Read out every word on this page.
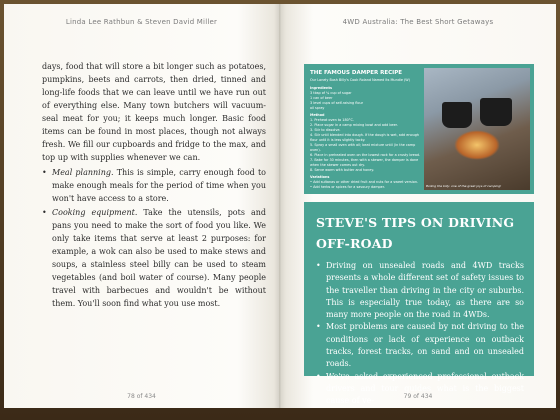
Linda Lee Rathbun & Steven David Miller

days, food that will store a bit longer such as potatoes, pumpkins, beets and carrots, then dried, tinned and long-life foods that we can leave until we have run out of everything else. Many town butchers will vacuum-seal meat for you; it keeps much longer. Basic food items can be found in most places, though not always fresh. We fill our cupboards and fridge to the max, and top up with supplies whenever we can.

• Meal planning. This is simple, carry enough food to make enough meals for the period of time when you won't have access to a store.
• Cooking equipment. Take the utensils, pots and pans you need to make the sort of food you like. We only take items that serve at least 2 purposes: for example, a wok can also be used to make stews and soups, a stainless steel billy can be used to steam vegetables (and boil water of course). Many people travel with barbecues and wouldn't be without them. You'll soon find what you use most.
78 of 434
4WD Australia: The Best Short Getaways
THE FAMOUS DAMPER RECIPE
Our Lonely Bush Billy's Cook Roland Named Its Mundie (W)
Ingredients
3 tbsp of ¼ cup of sugar
1 can of beer
3 level cups of self-raising flour
oil spray
Method
1. Preheat oven to 180°C.
2. Place sugar in a camp mixing bowl and add beer.
3. Stir to dissolve.
4. Stir until blended into dough. If the dough is wet, add enough flour until it is less slightly tacky.
5. Spray a small oven with oil; beat mixture until (in the camp oven).
6. Place in preheated oven on the lowest rack for a crusty bread.
7. Bake for 30 minutes, then with a skewer, the damper is done when the skewer comes out dry.
8. Serve warm with butter and honey.
Variations
• Add sultanas or other dried fruit and nuts for a sweet version.
• Add herbs or spices for a savoury damper.	Boiling the billy: one of the great joys of camping!
STEVE'S TIPS ON DRIVING OFF-ROAD
• Driving on unsealed roads and 4WD tracks presents a whole different set of safety issues to the traveller than driving in the city or suburbs. This is especially true today, as there are so many more people on the road in 4WDs.
• Most problems are caused by not driving to the conditions or lack of experience on outback tracks, forest tracks, on sand and on unsealed roads.
• We've asked experienced professional outback drivers and tour guides what is the biggest cause of ve-	79 of 434
